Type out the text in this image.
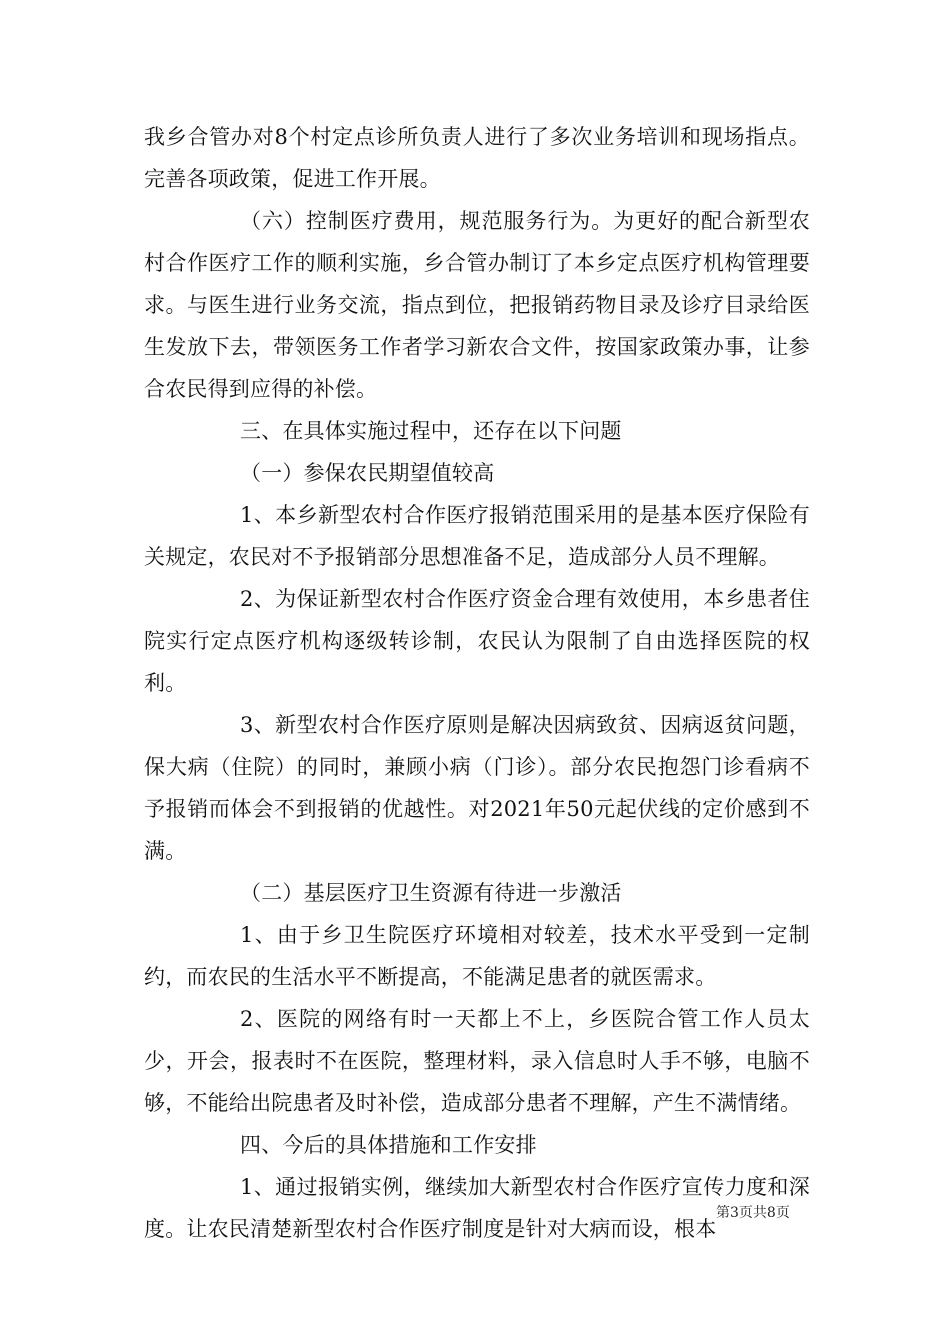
我乡合管办对8个村定点诊所负责人进行了多次业务培训和现场指点。完善各项政策，促进工作开展。

（六）控制医疗费用，规范服务行为。为更好的配合新型农村合作医疗工作的顺利实施，乡合管办制订了本乡定点医疗机构管理要求。与医生进行业务交流，指点到位，把报销药物目录及诊疗目录给医生发放下去，带领医务工作者学习新农合文件，按国家政策办事，让参合农民得到应得的补偿。

三、在具体实施过程中，还存在以下问题

（一）参保农民期望值较高

1、本乡新型农村合作医疗报销范围采用的是基本医疗保险有关规定，农民对不予报销部分思想准备不足，造成部分人员不理解。

2、为保证新型农村合作医疗资金合理有效使用，本乡患者住院实行定点医疗机构逐级转诊制，农民认为限制了自由选择医院的权利。

3、新型农村合作医疗原则是解决因病致贫、因病返贫问题，保大病（住院）的同时，兼顾小病（门诊）。部分农民抱怨门诊看病不予报销而体会不到报销的优越性。对2021年50元起伏线的定价感到不满。

（二）基层医疗卫生资源有待进一步激活

1、由于乡卫生院医疗环境相对较差，技术水平受到一定制约，而农民的生活水平不断提高，不能满足患者的就医需求。

2、医院的网络有时一天都上不上，乡医院合管工作人员太少，开会，报表时不在医院，整理材料，录入信息时人手不够，电脑不够，不能给出院患者及时补偿，造成部分患者不理解，产生不满情绪。

四、今后的具体措施和工作安排

1、通过报销实例，继续加大新型农村合作医疗宣传力度和深度。让农民清楚新型农村合作医疗制度是针对大病而设，根本

第3页共8页
